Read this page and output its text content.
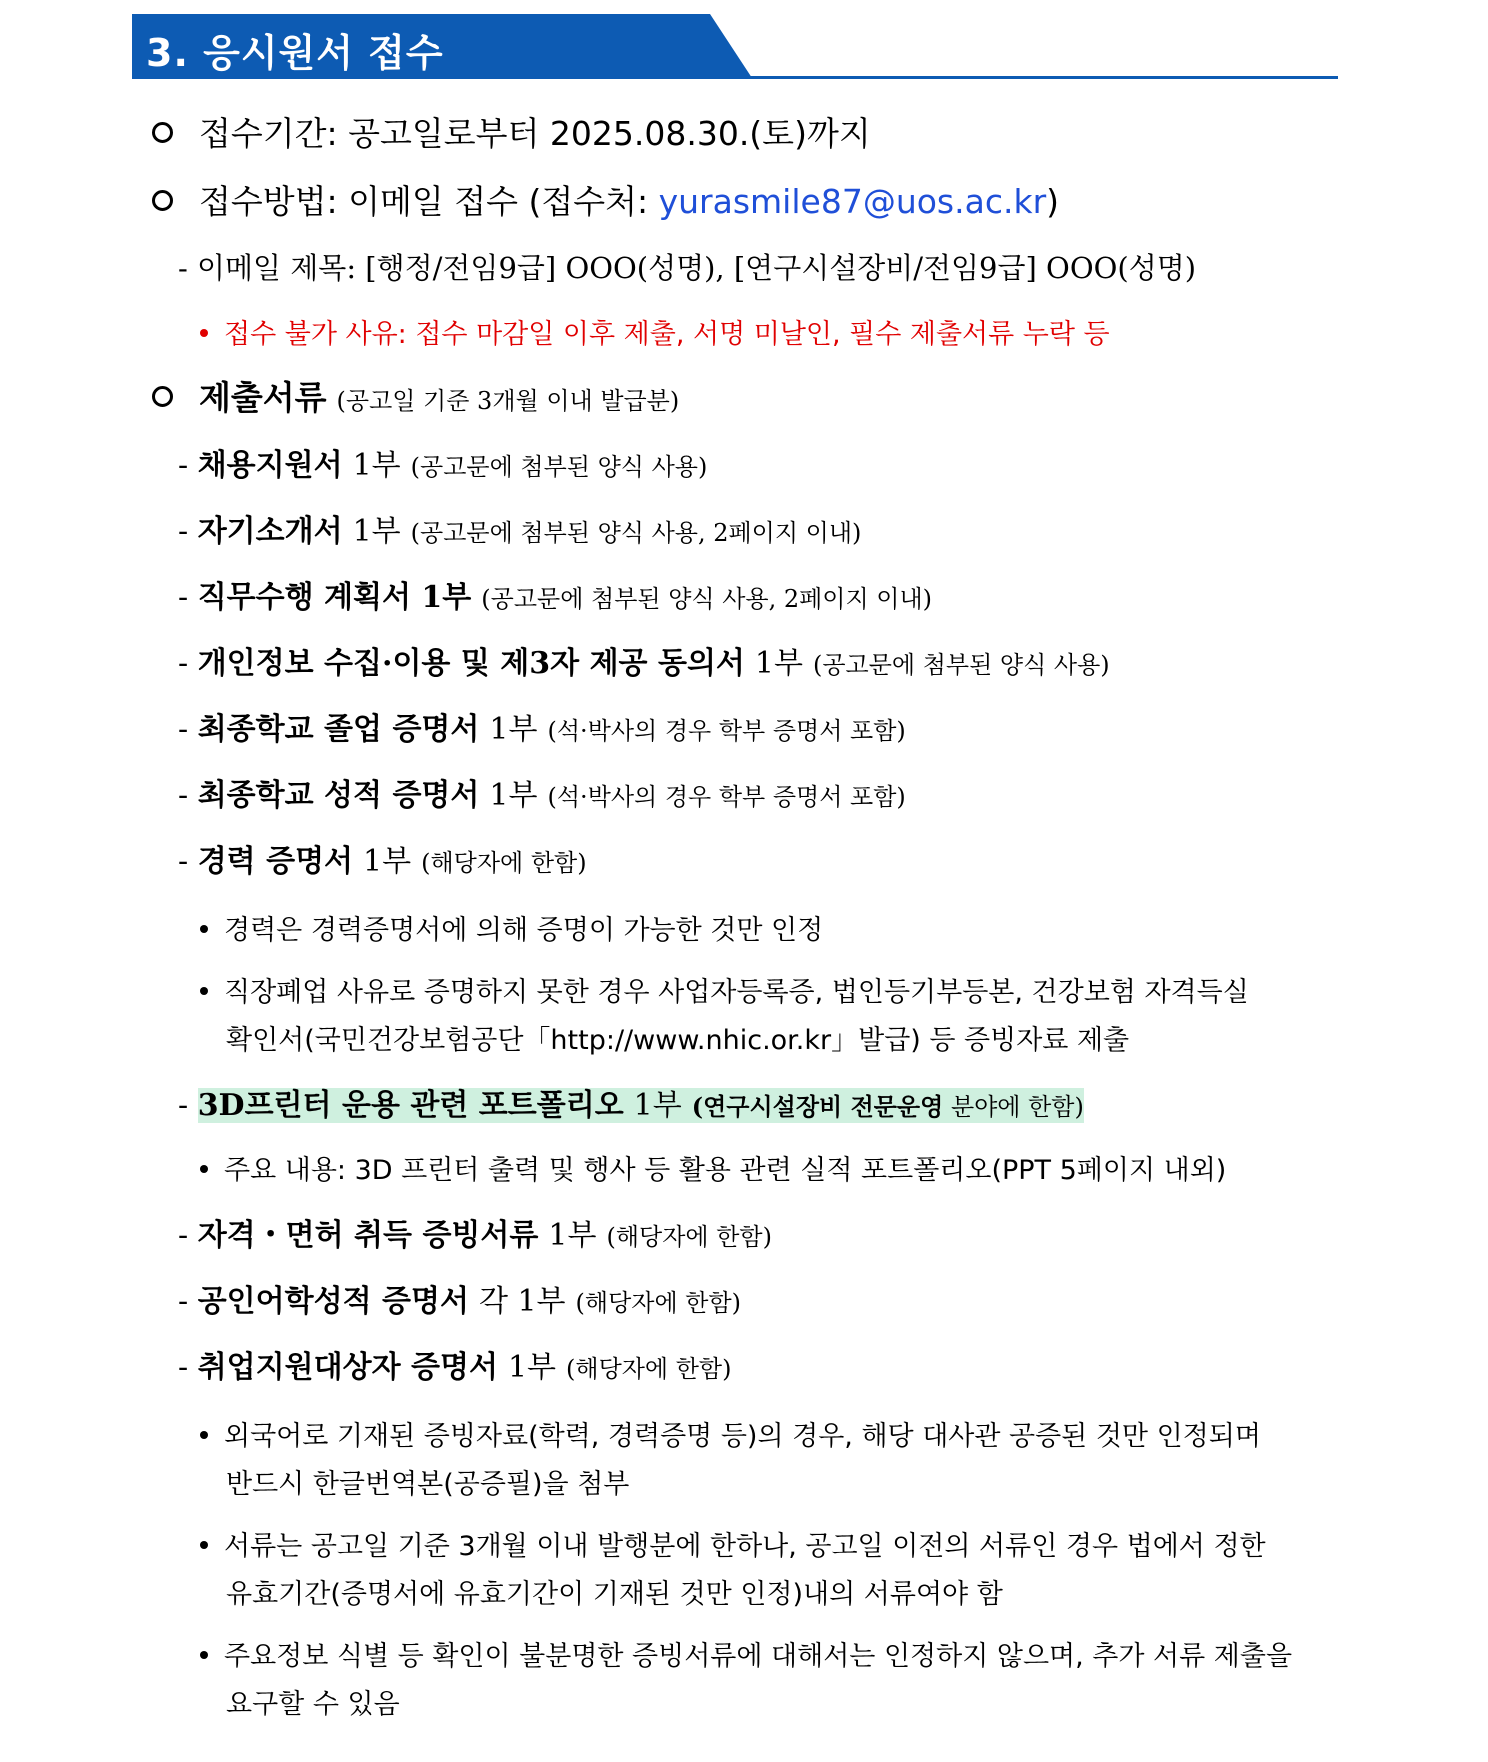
3. 응시원서 접수
접수기간: 공고일로부터 2025.08.30.(토)까지
접수방법: 이메일 접수 (접수처: yurasmile87@uos.ac.kr)
- 이메일 제목: [행정/전임9급] OOO(성명), [연구시설장비/전임9급] OOO(성명)
접수 불가 사유: 접수 마감일 이후 제출, 서명 미날인, 필수 제출서류 누락 등
제출서류 (공고일 기준 3개월 이내 발급분)
- 채용지원서 1부 (공고문에 첨부된 양식 사용)
- 자기소개서 1부 (공고문에 첨부된 양식 사용, 2페이지 이내)
- 직무수행 계획서 1부 (공고문에 첨부된 양식 사용, 2페이지 이내)
- 개인정보 수집·이용 및 제3자 제공 동의서 1부 (공고문에 첨부된 양식 사용)
- 최종학교 졸업 증명서 1부 (석·박사의 경우 학부 증명서 포함)
- 최종학교 성적 증명서 1부 (석·박사의 경우 학부 증명서 포함)
- 경력 증명서 1부 (해당자에 한함)
경력은 경력증명서에 의해 증명이 가능한 것만 인정
직장폐업 사유로 증명하지 못한 경우 사업자등록증, 법인등기부등본, 건강보험 자격득실
확인서(국민건강보험공단「http://www.nhic.or.kr」발급) 등 증빙자료 제출
- 3D프린터 운용 관련 포트폴리오 1부 (연구시설장비 전문운영 분야에 한함)
주요 내용: 3D 프린터 출력 및 행사 등 활용 관련 실적 포트폴리오(PPT 5페이지 내외)
- 자격・면허 취득 증빙서류 1부 (해당자에 한함)
- 공인어학성적 증명서 각 1부 (해당자에 한함)
- 취업지원대상자 증명서 1부 (해당자에 한함)
외국어로 기재된 증빙자료(학력, 경력증명 등)의 경우, 해당 대사관 공증된 것만 인정되며
반드시 한글번역본(공증필)을 첨부
서류는 공고일 기준 3개월 이내 발행분에 한하나, 공고일 이전의 서류인 경우 법에서 정한
유효기간(증명서에 유효기간이 기재된 것만 인정)내의 서류여야 함
주요정보 식별 등 확인이 불분명한 증빙서류에 대해서는 인정하지 않으며, 추가 서류 제출을
요구할 수 있음
